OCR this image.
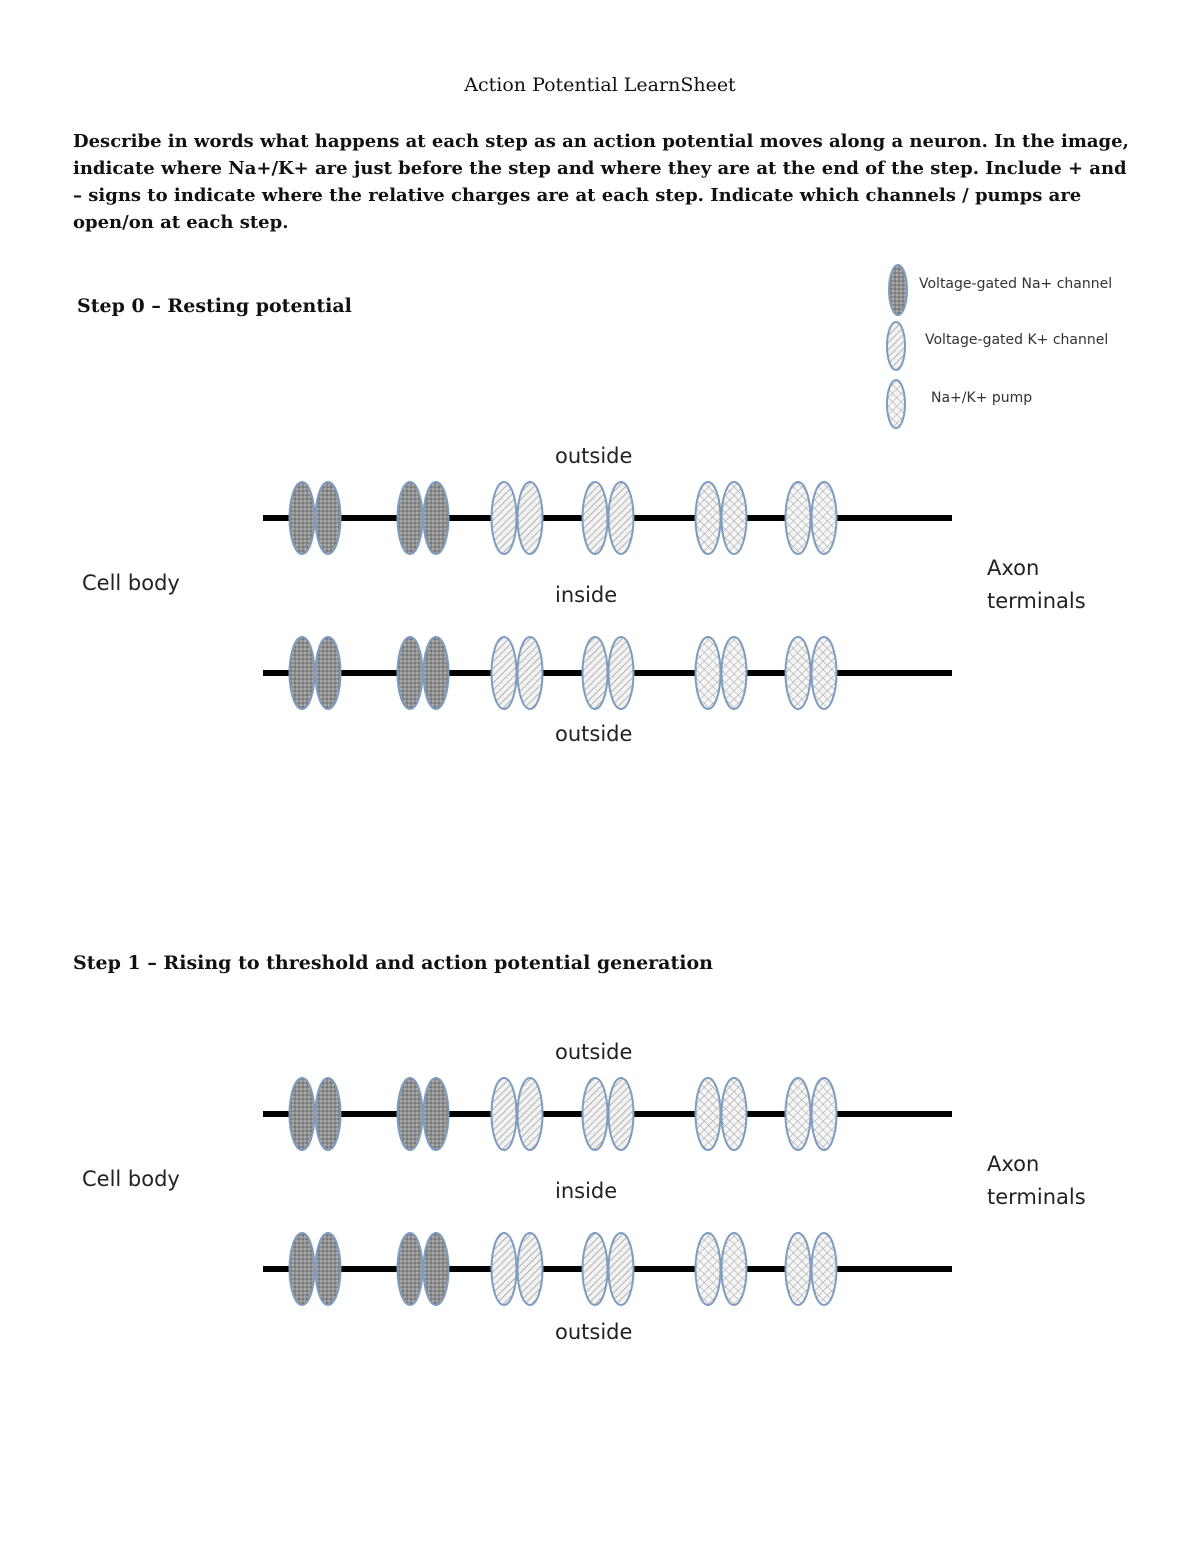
Action Potential LearnSheet
Describe in words what happens at each step as an action potential moves along a neuron. In the image, indicate where Na+/K+ are just before the step and where they are at the end of the step. Include + and – signs to indicate where the relative charges are at each step. Indicate which channels / pumps are open/on at each step.
Voltage-gated Na+ channel
Voltage-gated K+ channel
Na+/K+ pump
Step 0 – Resting potential
outside
inside
outside
Cell body
Axon
terminals
Step 1 – Rising to threshold and action potential generation
outside
inside
outside
Cell body
Axon
terminals
